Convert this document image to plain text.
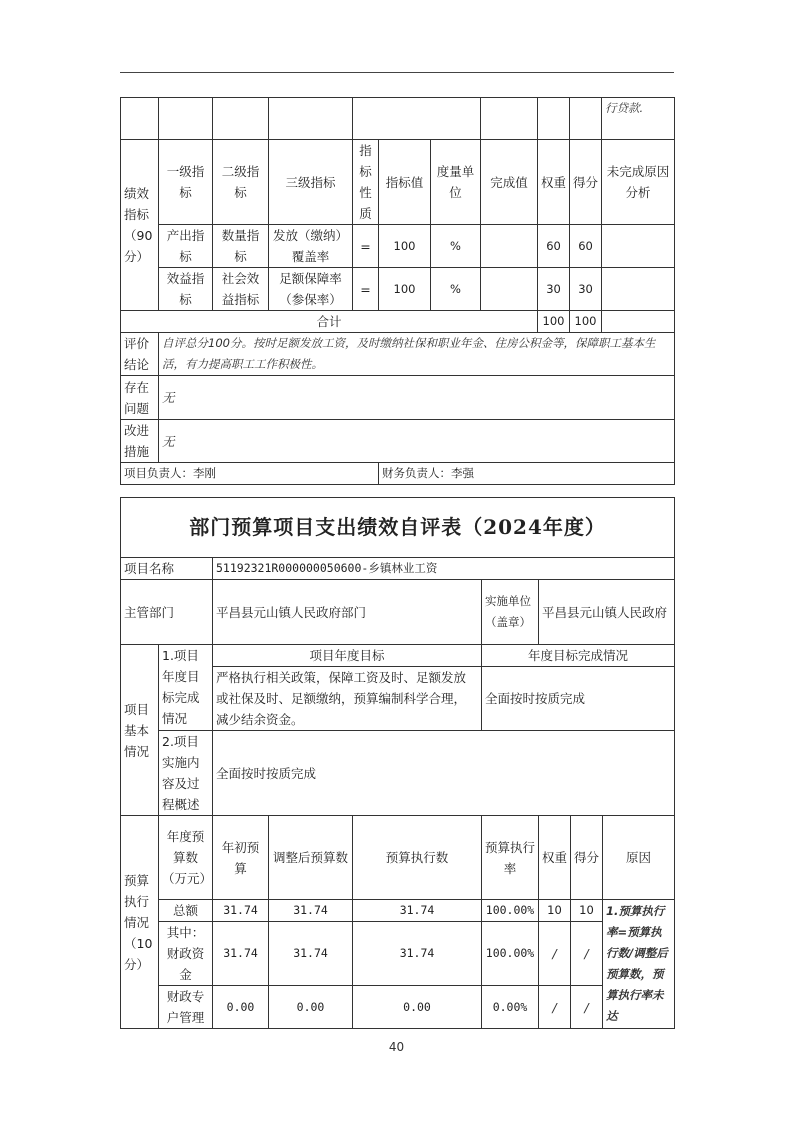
										行贷款.
绩效指标（90分）	一级指标	二级指标	三级指标	指标性质	指标值	度量单位	完成值	权重	得分	未完成原因分析
	产出指标	数量指标	发放（缴纳）覆盖率	=	100	%		60	60	
	效益指标	社会效益指标	足额保障率（参保率）	=	100	%		30	30	
合计								100	100	
评价结论	自评总分100分。按时足额发放工资，及时缴纳社保和职业年金、住房公积金等，保障职工基本生活，有力提高职工工作积极性。									
存在问题	无									
改进措施	无									
项目负责人：李刚					财务负责人：李强					
部门预算项目支出绩效自评表（2024年度）								
项目名称		51192321R000000050600-乡镇林业工资						
主管部门		平昌县元山镇人民政府部门			实施单位（盖章）	平昌县元山镇人民政府		
项目基本情况	1.项目年度目标完成情况	项目年度目标			年度目标完成情况			
		严格执行相关政策，保障工资及时、足额发放或社保及时、足额缴纳，预算编制科学合理，减少结余资金。			全面按时按质完成			
	2.项目实施内容及过程概述	全面按时按质完成						
预算执行情况（10分）	年度预算数（万元）	年初预算	调整后预算数	预算执行数	预算执行率	权重	得分	原因
	总额	31.74	31.74	31.74	100.00%	10	10	1.预算执行率=预算执行数/调整后预算数，预算执行率未达
	其中：财政资金	31.74	31.74	31.74	100.00%	/	/	
	财政专户管理	0.00	0.00	0.00	0.00%	/	/	
40
